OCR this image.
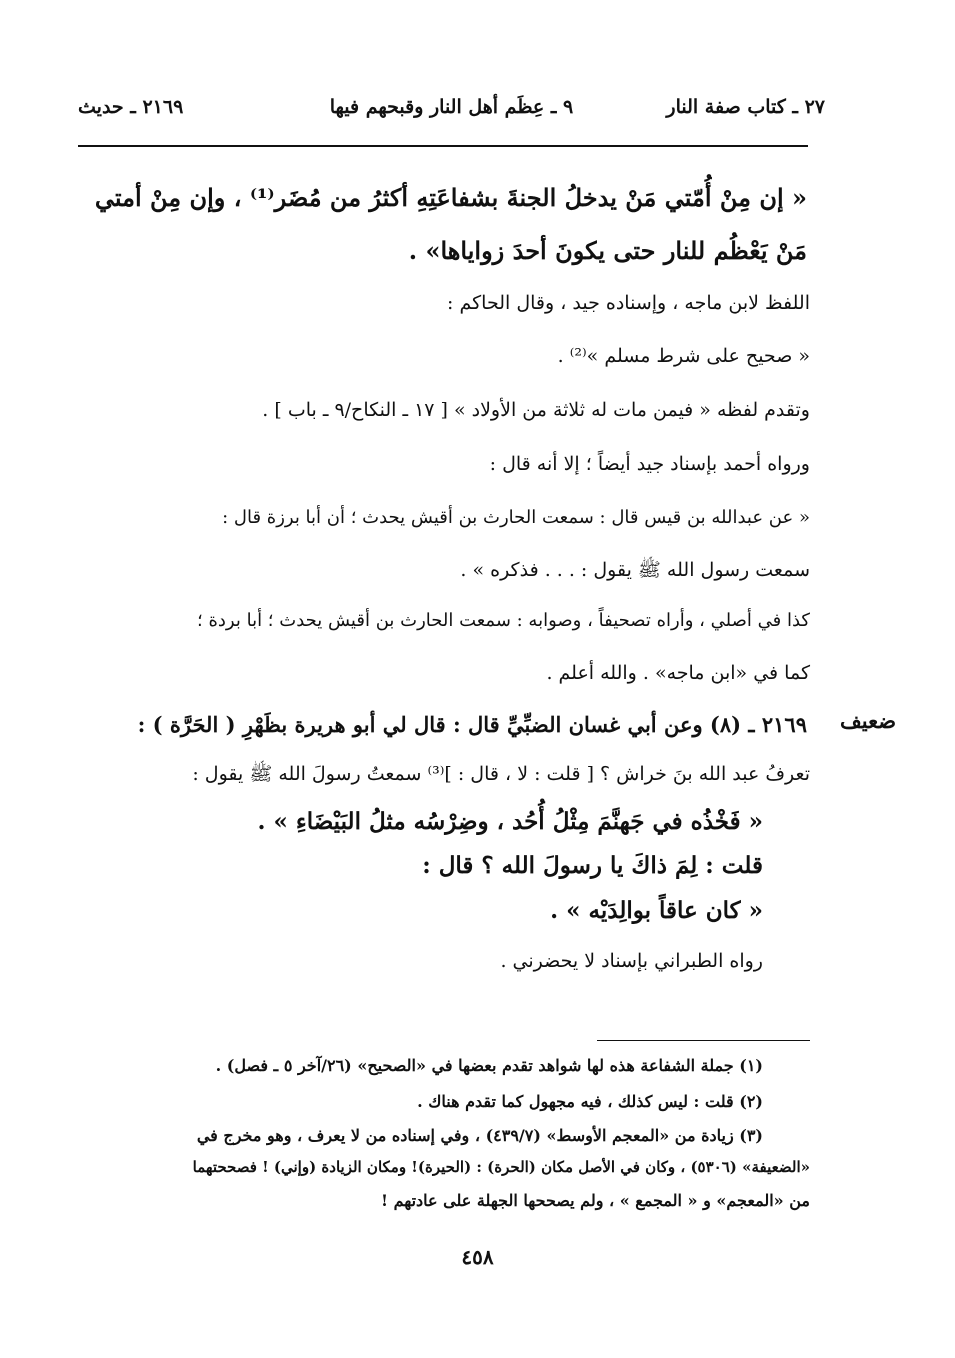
٢٧ ـ كتاب صفة النار
٩ ـ عِظَم أهل النار وقبحهم فيها
٢١٦٩ ـ حديث
« إن مِنْ أُمّتي مَنْ يدخلُ الجنةَ بشفاعَتِهِ أكثرُ من مُضَر⁽¹⁾ ، وإن مِنْ أمتي
مَنْ يَعْظُم للنار حتى يكونَ أحدَ زواياها» .
اللفظ لابن ماجه ، وإسناده جيد ، وقال الحاكم :
« صحيح على شرط مسلم »⁽²⁾ .
وتقدم لفظه « فيمن مات له ثلاثة من الأولاد » [ ١٧ ـ النكاح/٩ ـ باب ] .
ورواه أحمد بإسناد جيد أيضاً ؛ إلا أنه قال :
« عن عبدالله بن قيس قال : سمعت الحارث بن أقيش يحدث ؛ أن أبا برزة قال :
سمعت رسول الله ﷺ يقول : . . . فذكره » .
كذا في أصلي ، وأراه تصحيفاً ، وصوابه : سمعت الحارث بن أقيش يحدث ؛ أبا بردة ؛
كما في «ابن ماجه» . والله أعلم .
ضعيف
٢١٦٩ ـ (٨) وعن أبي غسان الضبِّيِّ قال : قال لي أبو هريرة بظَهْرِ ( الحَرَّة ) :
تعرفُ عبد الله بنَ خراش ؟ [ قلت : لا ، قال : ]⁽³⁾ سمعتُ رسولَ الله ﷺ يقول :
« فَخْذُه في جَهنَّمَ مِثْلُ أُحُد ، وضِرْسُه مثلُ البَيْضَاءِ » .
قلت : لِمَ ذاكَ يا رسولَ الله ؟ قال :
« كان عاقاً بوالِدَيْه » .
رواه الطبراني بإسناد لا يحضرني .
(١) جملة الشفاعة هذه لها شواهد تقدم بعضها في «الصحيح» (٢٦/آخر ٥ ـ فصل) .
(٢) قلت : ليس كذلك ، فيه مجهول كما تقدم هناك .
(٣) زيادة من «المعجم الأوسط» (٤٣٩/٧) ، وفي إسناده من لا يعرف ، وهو مخرج في
«الضعيفة» (٥٣٠٦) ، وكان في الأصل مكان (الحرة) : (الحيرة)! ومكان الزيادة (وإني) ! فصححتهما
من «المعجم» و « المجمع » ، ولم يصححها الجهلة على عادتهم !
٤٥٨
